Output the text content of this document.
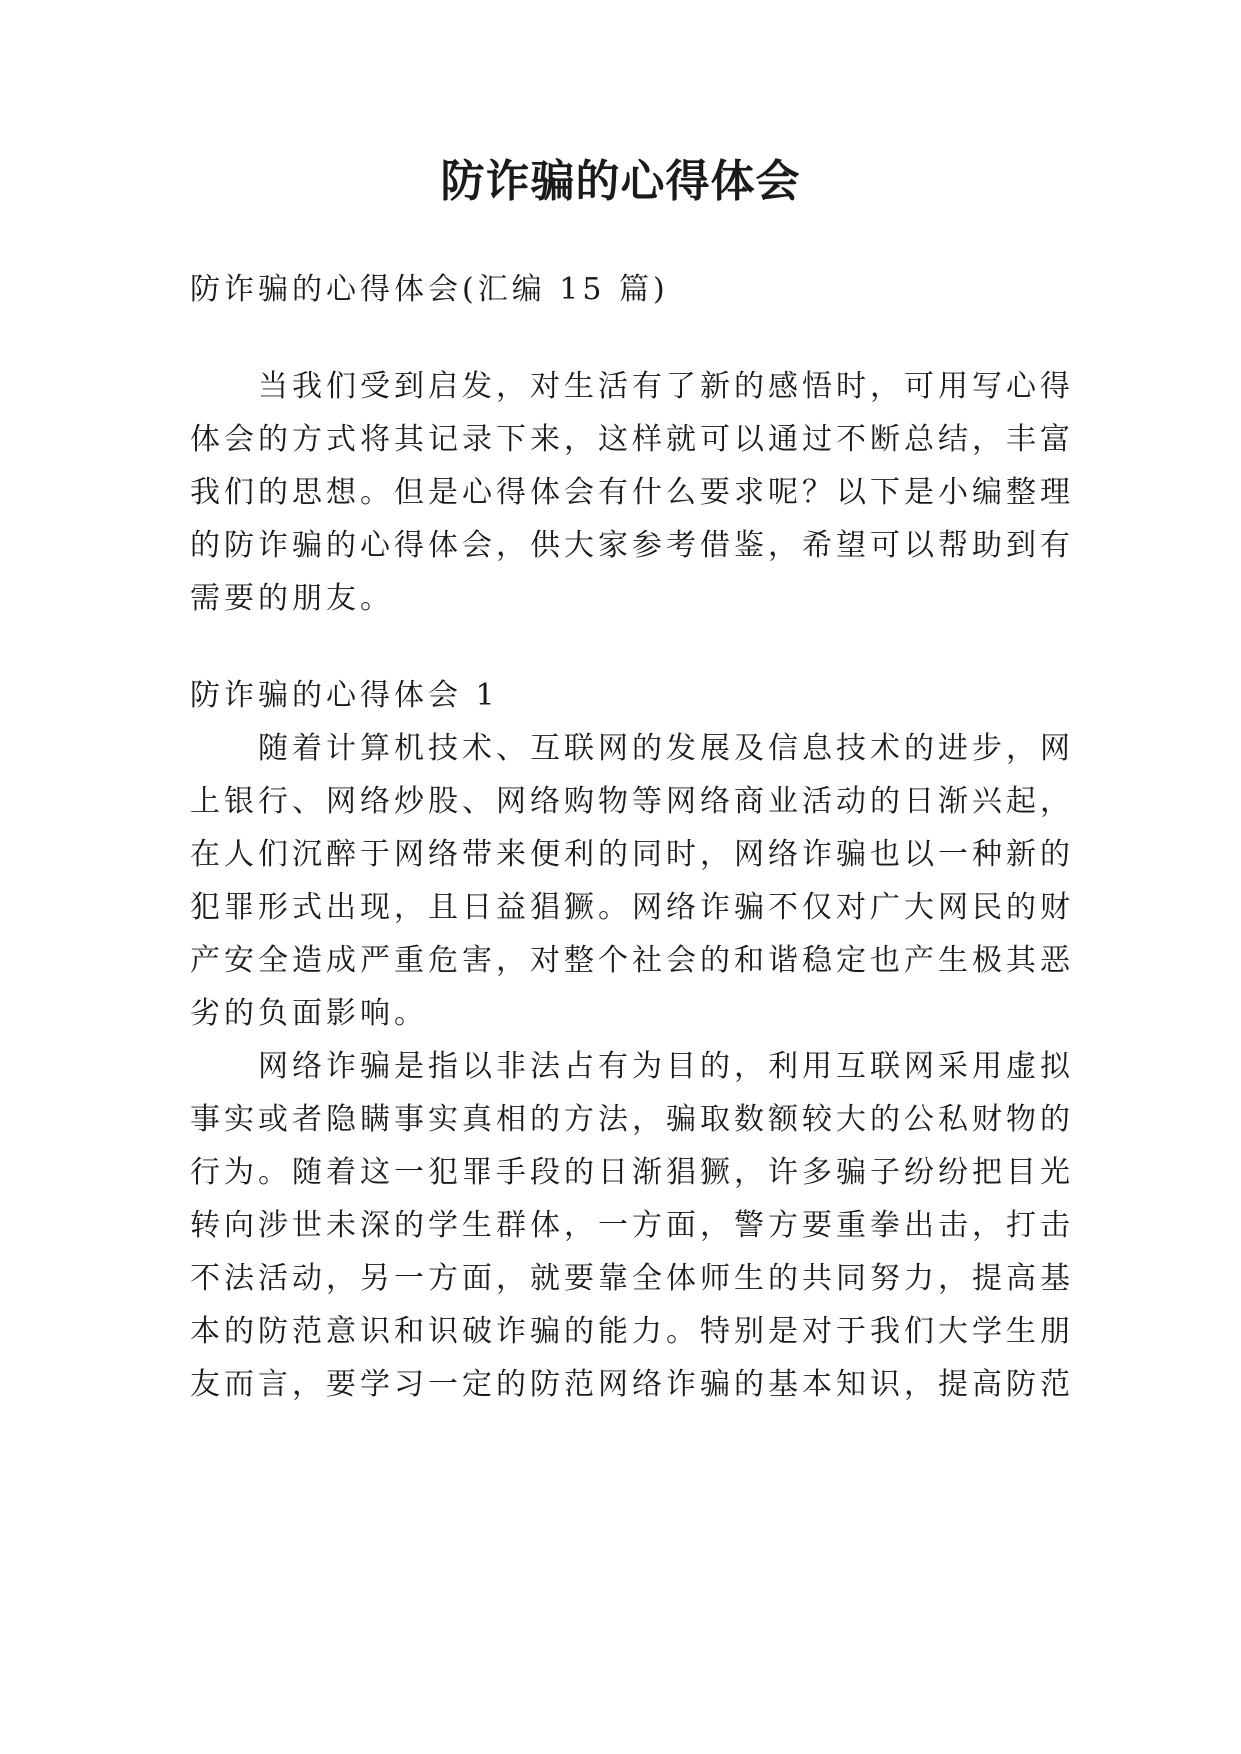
防诈骗的心得体会

防诈骗的心得体会(汇编 15 篇)

当我们受到启发，对生活有了新的感悟时，可用写心得

体会的方式将其记录下来，这样就可以通过不断总结，丰富

我们的思想。但是心得体会有什么要求呢？以下是小编整理

的防诈骗的心得体会，供大家参考借鉴，希望可以帮助到有

需要的朋友。

防诈骗的心得体会 1

随着计算机技术、互联网的发展及信息技术的进步，网

上银行、网络炒股、网络购物等网络商业活动的日渐兴起，

在人们沉醉于网络带来便利的同时，网络诈骗也以一种新的

犯罪形式出现，且日益猖獗。网络诈骗不仅对广大网民的财

产安全造成严重危害，对整个社会的和谐稳定也产生极其恶

劣的负面影响。

网络诈骗是指以非法占有为目的，利用互联网采用虚拟

事实或者隐瞒事实真相的方法，骗取数额较大的公私财物的

行为。随着这一犯罪手段的日渐猖獗，许多骗子纷纷把目光

转向涉世未深的学生群体，一方面，警方要重拳出击，打击

不法活动，另一方面，就要靠全体师生的共同努力，提高基

本的防范意识和识破诈骗的能力。特别是对于我们大学生朋

友而言，要学习一定的防范网络诈骗的基本知识，提高防范
